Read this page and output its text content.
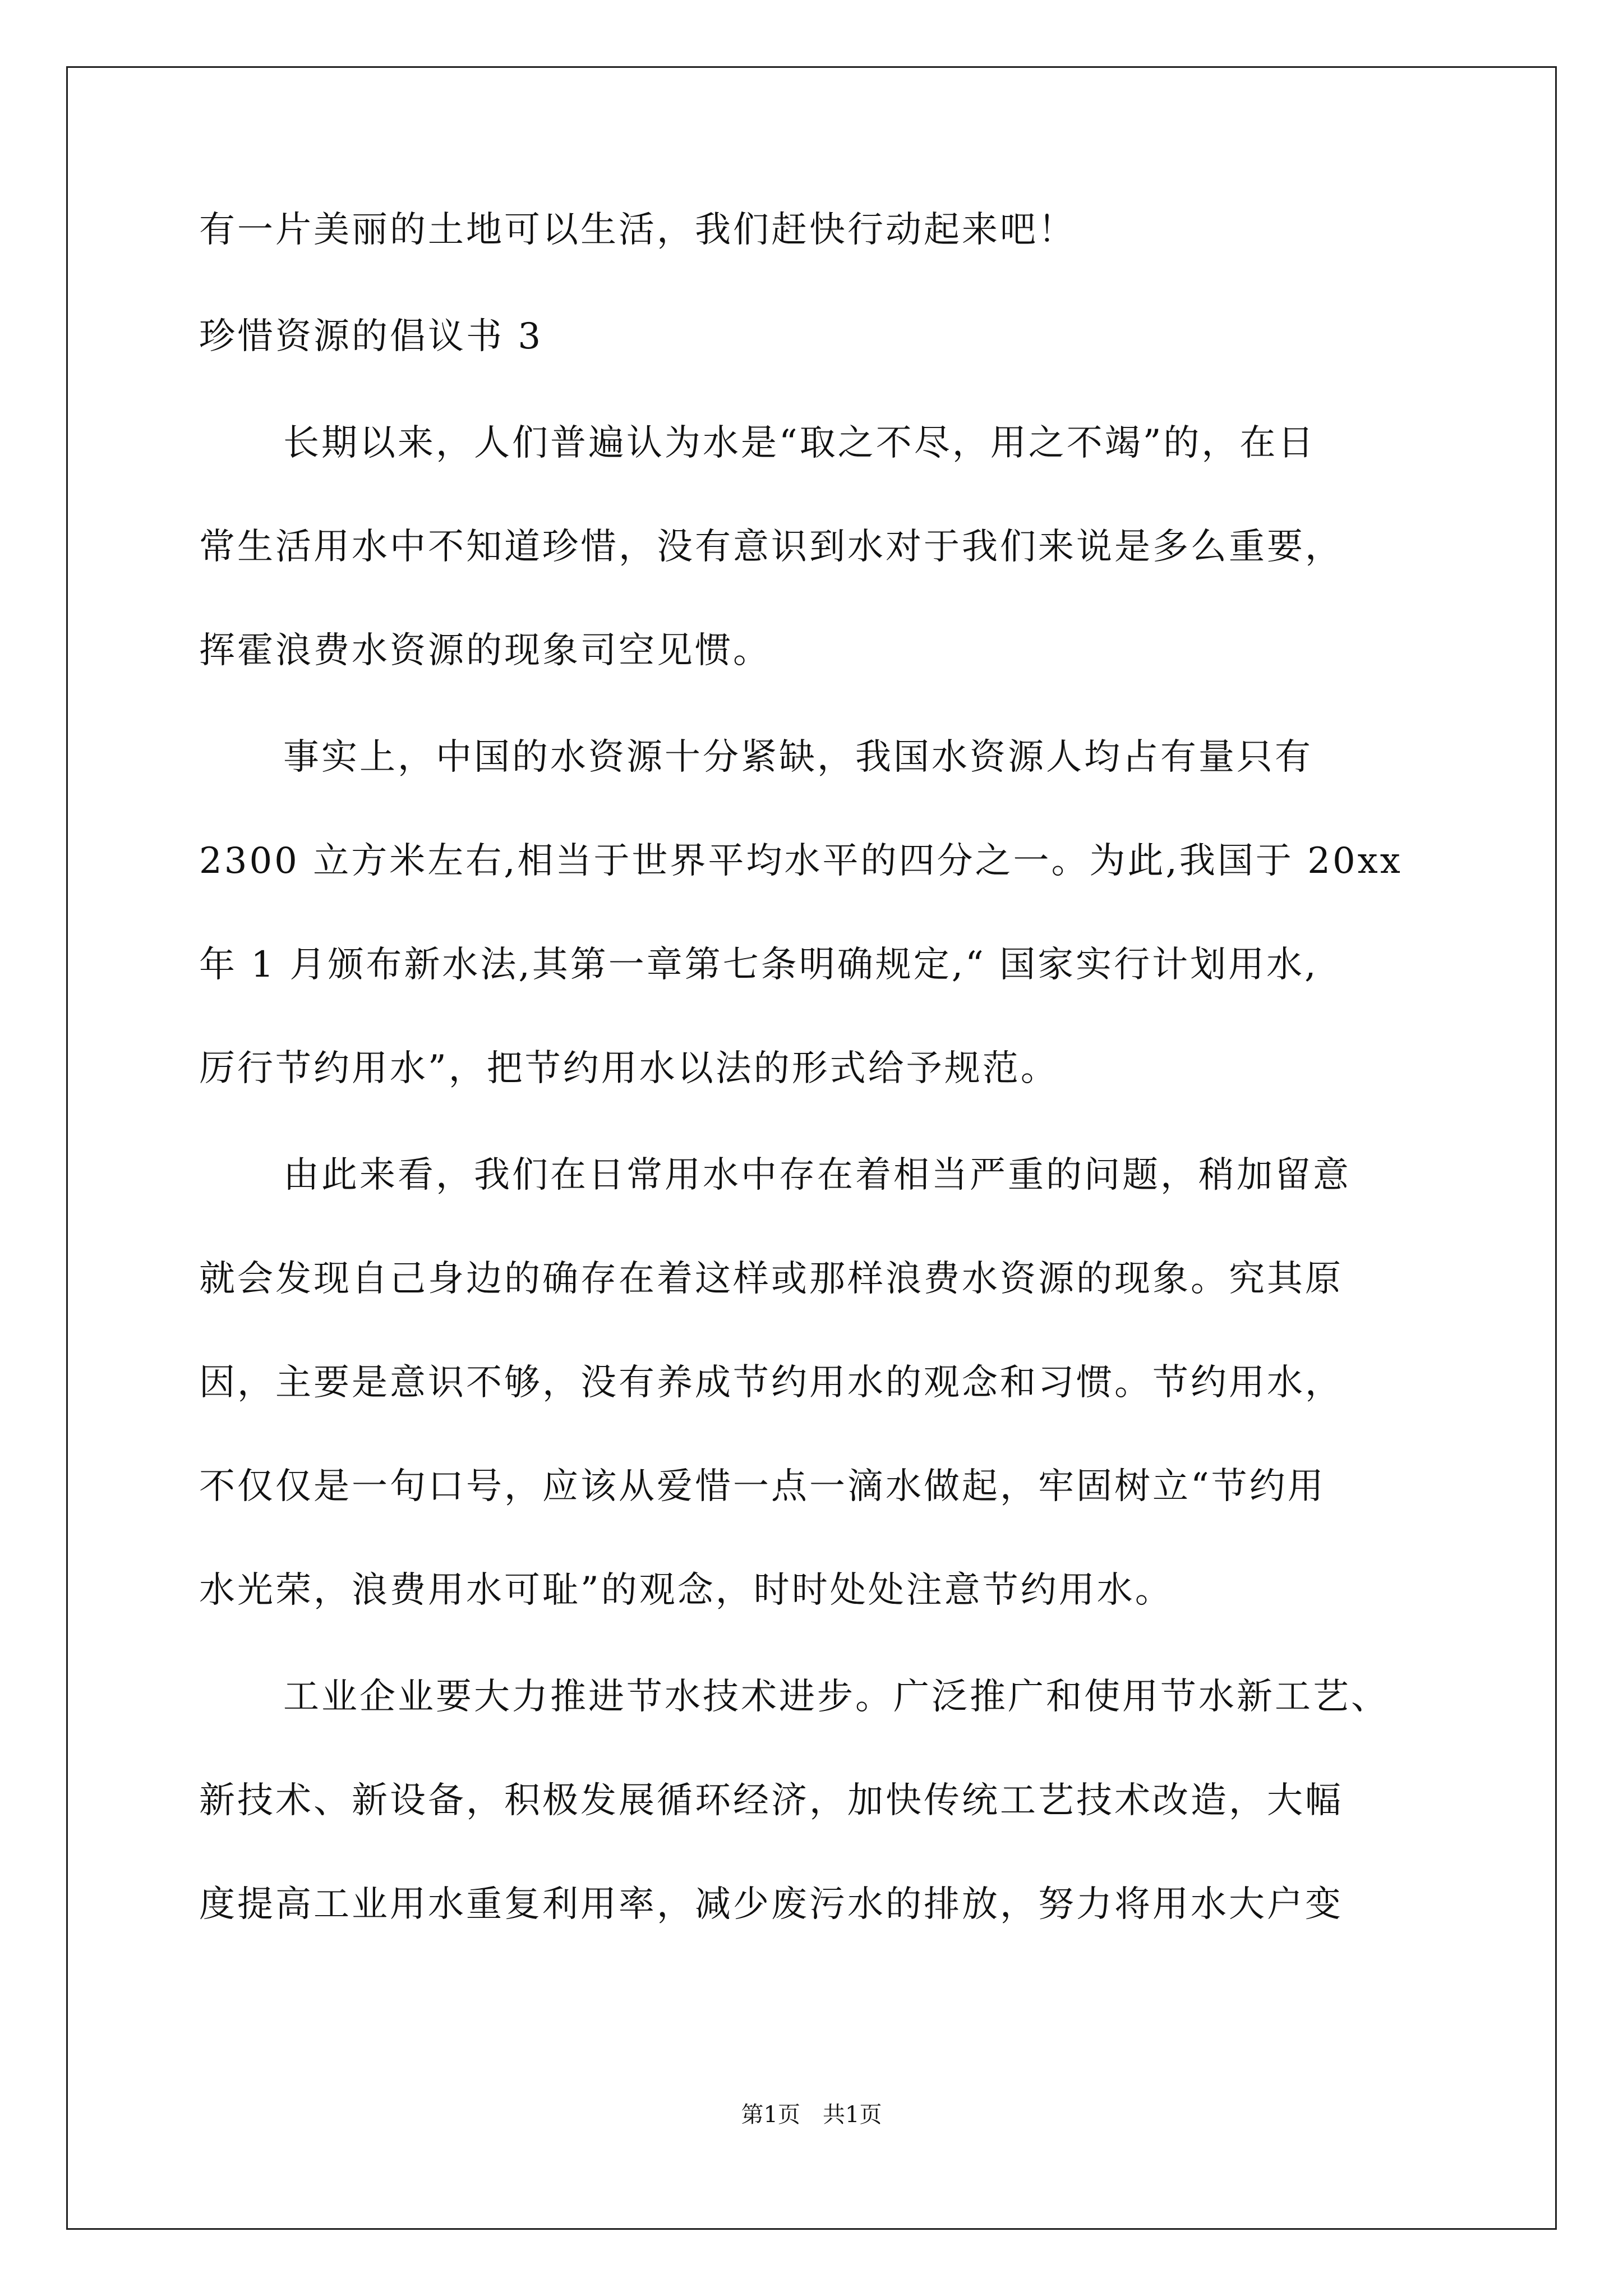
有一片美丽的土地可以生活，我们赶快行动起来吧！
珍惜资源的倡议书 3
长期以来，人们普遍认为水是“取之不尽，用之不竭”的，在日
常生活用水中不知道珍惜，没有意识到水对于我们来说是多么重要，
挥霍浪费水资源的现象司空见惯。
事实上，中国的水资源十分紧缺，我国水资源人均占有量只有
2300 立方米左右,相当于世界平均水平的四分之一。为此,我国于 20xx
年 1 月颁布新水法,其第一章第七条明确规定,“ 国家实行计划用水,
厉行节约用水”，把节约用水以法的形式给予规范。
由此来看，我们在日常用水中存在着相当严重的问题，稍加留意
就会发现自己身边的确存在着这样或那样浪费水资源的现象。究其原
因，主要是意识不够，没有养成节约用水的观念和习惯。节约用水，
不仅仅是一句口号，应该从爱惜一点一滴水做起，牢固树立“节约用
水光荣，浪费用水可耻”的观念，时时处处注意节约用水。
工业企业要大力推进节水技术进步。广泛推广和使用节水新工艺、
新技术、新设备，积极发展循环经济，加快传统工艺技术改造，大幅
度提高工业用水重复利用率，减少废污水的排放，努力将用水大户变
第1页　共1页
